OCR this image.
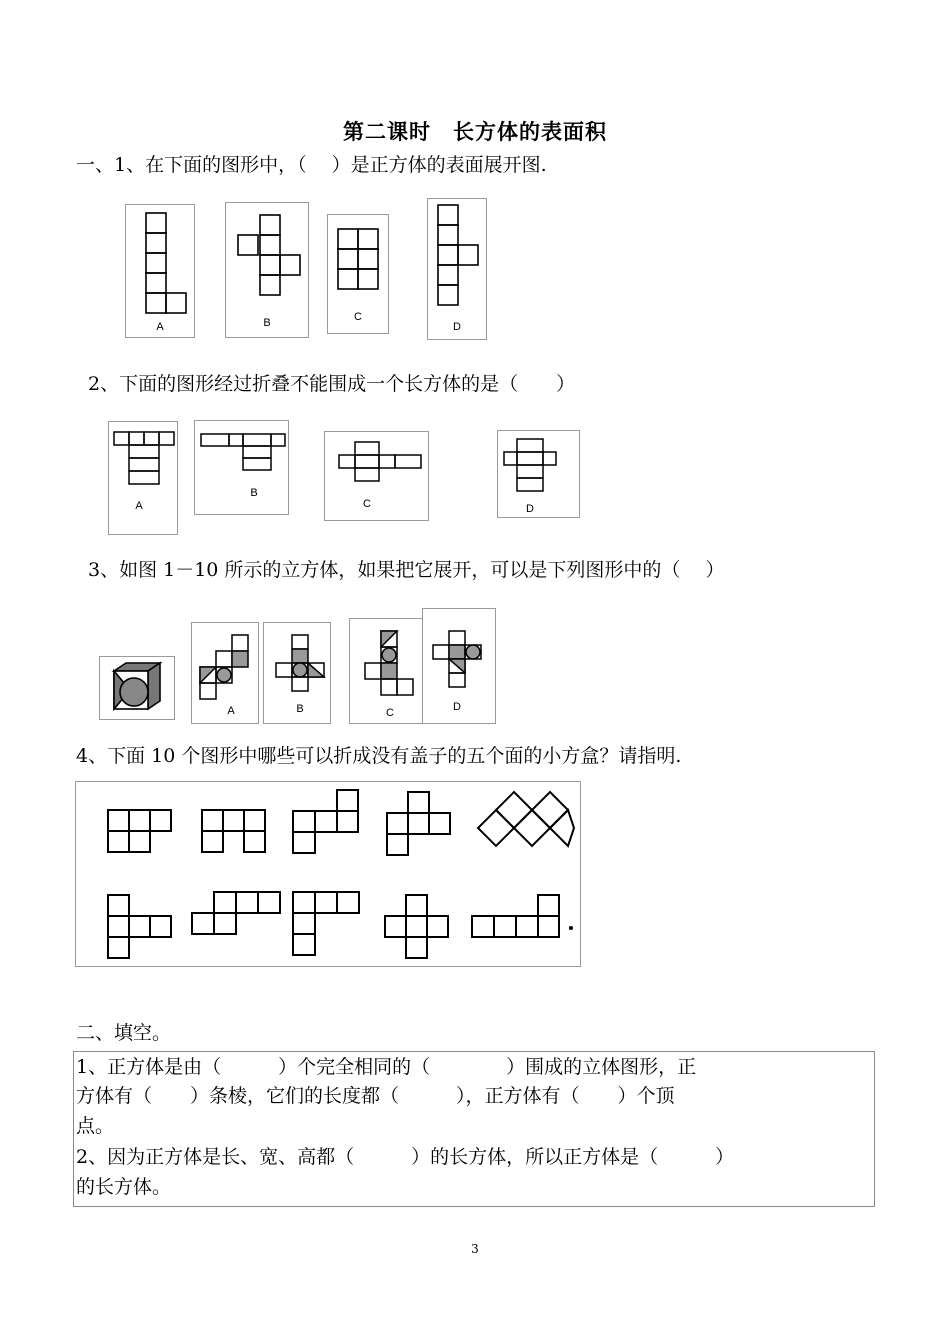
第二课时　长方体的表面积
一、1、在下面的图形中，（　 ）是正方体的表面展开图.
A	B	C
D
2、下面的图形经过折叠不能围成一个长方体的是（　　）
A
B
C	D
3、如图 1－10 所示的立方体，如果把它展开，可以是下列图形中的（　 ）
A	B	C	D
4、下面 10 个图形中哪些可以折成没有盖子的五个面的小方盒？请指明.
二、填空。
1、正方体是由（　　　）个完全相同的（　　　　）围成的立体图形，正
方体有（　　）条棱，它们的长度都（　　　），正方体有（　　）个顶
点。
2、因为正方体是长、宽、高都（　　　）的长方体，所以正方体是（　　　）
的长方体。
3
